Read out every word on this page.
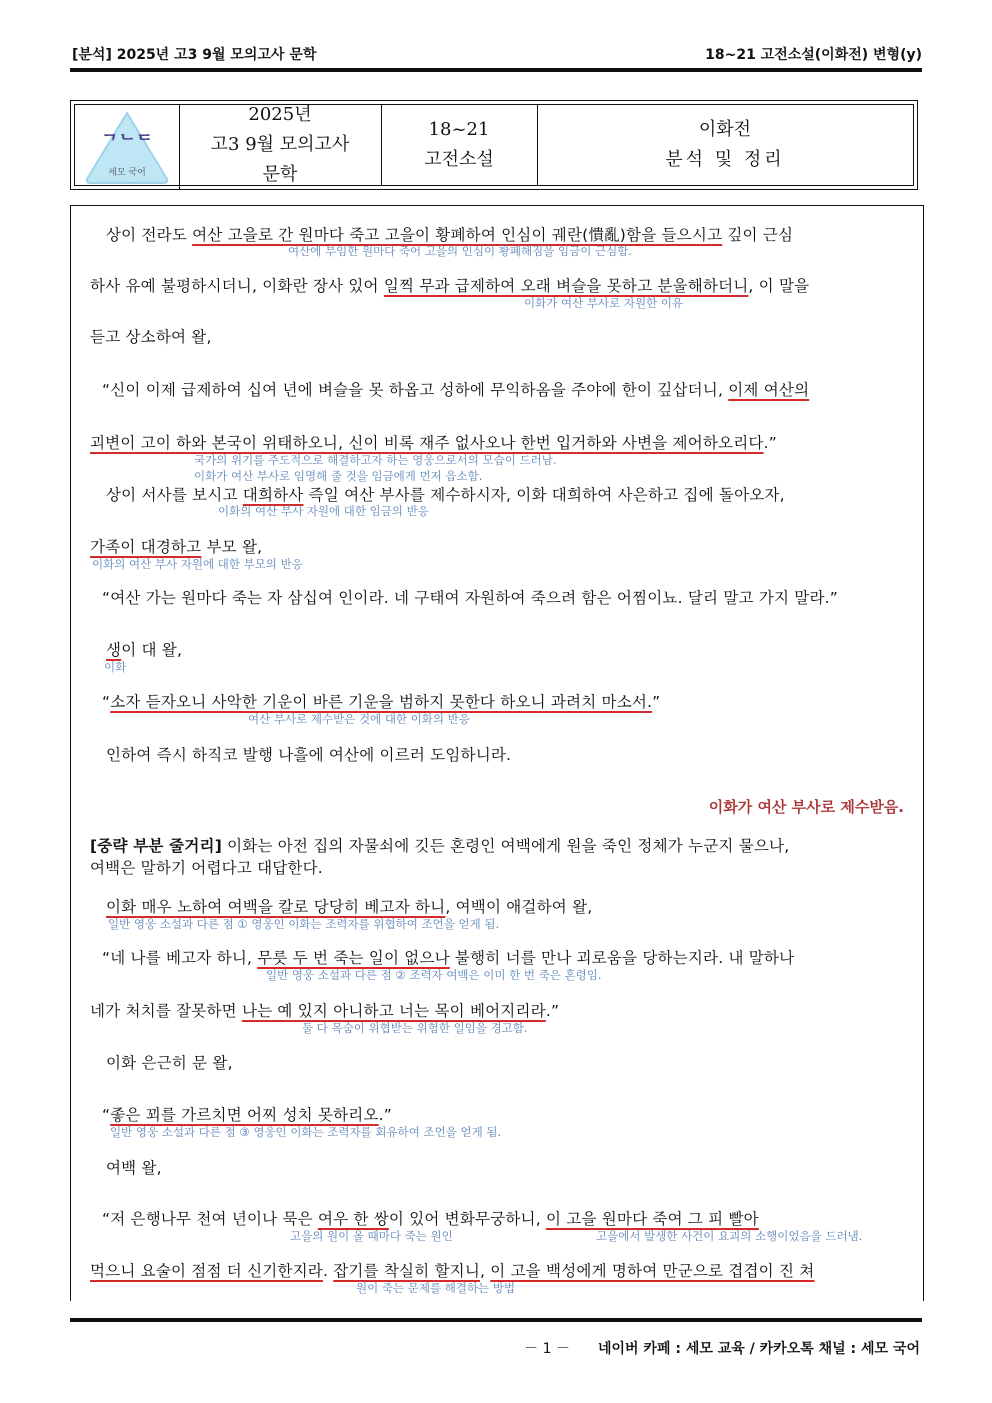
[분석] 2025년 고3 9월 모의고사 문학	18~21 고전소설(이화전) 변형(y)
ᄀᄂᄃ
세모 국어
2025년
고3 9월 모의고사
문학
18~21
고전소설
이화전
분석 및 정리
상이 전라도 여산 고을로 간 원마다 죽고 고을이 황폐하여 인심이 궤란(憒亂)함을 들으시고 깊이 근심
여산에 부임한 원마다 죽어 고을의 인심이 황폐해짐을 임금이 근심함.
하사 유예 불평하시더니, 이화란 장사 있어 일찍 무과 급제하여 오래 벼슬을 못하고 분울해하더니, 이 말을
이화가 여산 부사로 자원한 이유
듣고 상소하여 왈,
“신이 이제 급제하여 십여 년에 벼슬을 못 하옵고 성하에 무익하옴을 주야에 한이 깊삽더니, 이제 여산의
괴변이 고이 하와 본국이 위태하오니, 신이 비록 재주 없사오나 한번 입거하와 사변을 제어하오리다.”
국가의 위기를 주도적으로 해결하고자 하는 영웅으로서의 모습이 드러남.
이화가 여산 부사로 임명해 줄 것을 임금에게 먼저 읍소함.
상이 서사를 보시고 대희하사 즉일 여산 부사를 제수하시자, 이화 대희하여 사은하고 집에 돌아오자,
이화의 여산 부사 자원에 대한 임금의 반응
가족이 대경하고 부모 왈,
이화의 여산 부사 자원에 대한 부모의 반응
“여산 가는 원마다 죽는 자 삼십여 인이라. 네 구태여 자원하여 죽으려 함은 어찜이뇨. 달리 말고 가지 말라.”
생이 대 왈,
이화
“소자 듣자오니 사악한 기운이 바른 기운을 범하지 못한다 하오니 과려치 마소서.”
여산 부사로 제수받은 것에 대한 이화의 반응
인하여 즉시 하직코 발행 나흘에 여산에 이르러 도임하니라.
이화가 여산 부사로 제수받음.
[중략 부분 줄거리] 이화는 아전 집의 자물쇠에 깃든 혼령인 여백에게 원을 죽인 정체가 누군지 물으나,
여백은 말하기 어렵다고 대답한다.
이화 매우 노하여 여백을 칼로 당당히 베고자 하니, 여백이 애걸하여 왈,
일반 영웅 소설과 다른 점 ① 영웅인 이화는 조력자를 위협하여 조언을 얻게 됨.
“네 나를 베고자 하니, 무릇 두 번 죽는 일이 없으나 불행히 너를 만나 괴로움을 당하는지라. 내 말하나
일반 영웅 소설과 다른 점 ② 조력자 여백은 이미 한 번 죽은 혼령임.
네가 처치를 잘못하면 나는 예 있지 아니하고 너는 목이 베어지리라.”
둘 다 목숨이 위협받는 위험한 일임을 경고함.
이화 은근히 문 왈,
“좋은 꾀를 가르치면 어찌 성치 못하리오.”
일반 영웅 소설과 다른 점 ③ 영웅인 이화는 조력자를 회유하여 조언을 얻게 됨.
여백 왈,
“저 은행나무 천여 년이나 묵은 여우 한 쌍이 있어 변화무궁하니, 이 고을 원마다 죽여 그 피 빨아
고을의 원이 올 때마다 죽는 원인	고을에서 발생한 사건이 요괴의 소행이었음을 드러냄.
먹으니 요술이 점점 더 신기한지라. 잡기를 착실히 할지니, 이 고을 백성에게 명하여 만군으로 겹겹이 진 쳐
원이 죽는 문제를 해결하는 방법
－ 1 － 네이버 카페 : 세모 교육 / 카카오톡 채널 : 세모 국어
